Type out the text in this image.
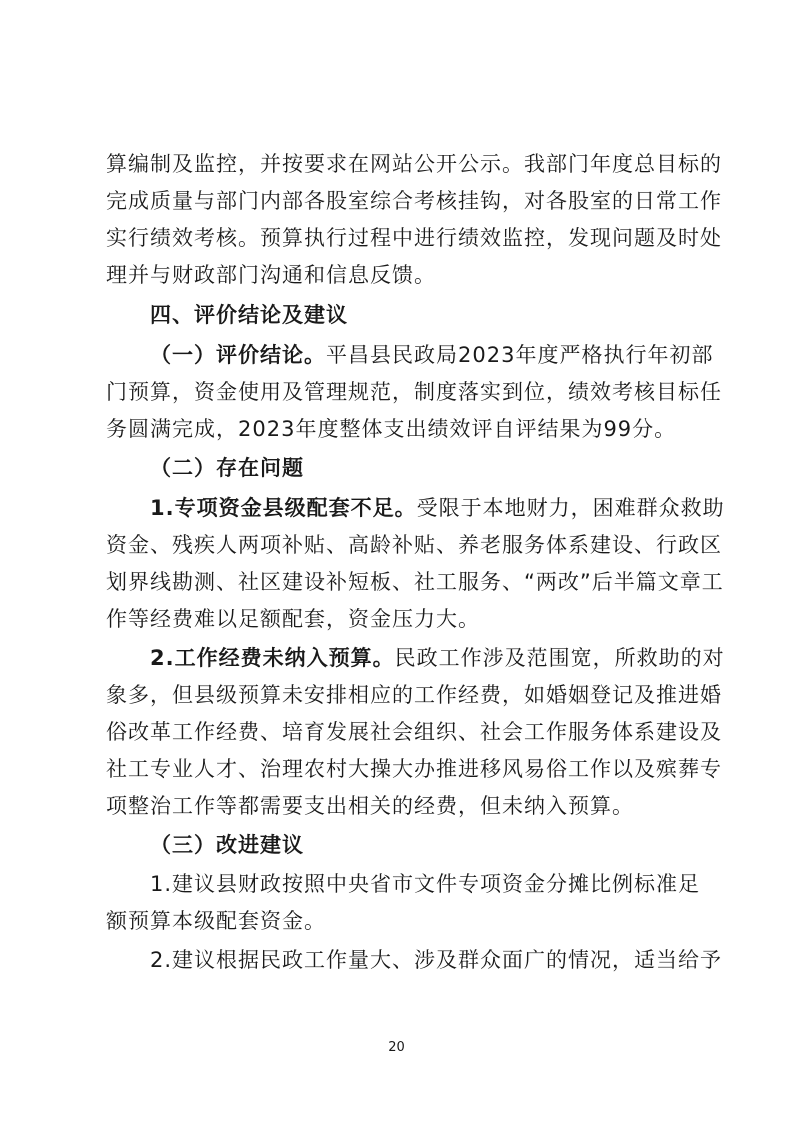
算编制及监控，并按要求在网站公开公示。我部门年度总目标的
完成质量与部门内部各股室综合考核挂钩，对各股室的日常工作
实行绩效考核。预算执行过程中进行绩效监控，发现问题及时处
理并与财政部门沟通和信息反馈。
四、评价结论及建议
（一）评价结论。平昌县民政局2023年度严格执行年初部
门预算，资金使用及管理规范，制度落实到位，绩效考核目标任
务圆满完成，2023年度整体支出绩效评自评结果为99分。
（二）存在问题
1.专项资金县级配套不足。受限于本地财力，困难群众救助
资金、残疾人两项补贴、高龄补贴、养老服务体系建设、行政区
划界线勘测、社区建设补短板、社工服务、“两改”后半篇文章工
作等经费难以足额配套，资金压力大。
2.工作经费未纳入预算。民政工作涉及范围宽，所救助的对
象多，但县级预算未安排相应的工作经费，如婚姻登记及推进婚
俗改革工作经费、培育发展社会组织、社会工作服务体系建设及
社工专业人才、治理农村大操大办推进移风易俗工作以及殡葬专
项整治工作等都需要支出相关的经费，但未纳入预算。
（三）改进建议
1.建议县财政按照中央省市文件专项资金分摊比例标准足
额预算本级配套资金。
2.建议根据民政工作量大、涉及群众面广的情况，适当给予
20
